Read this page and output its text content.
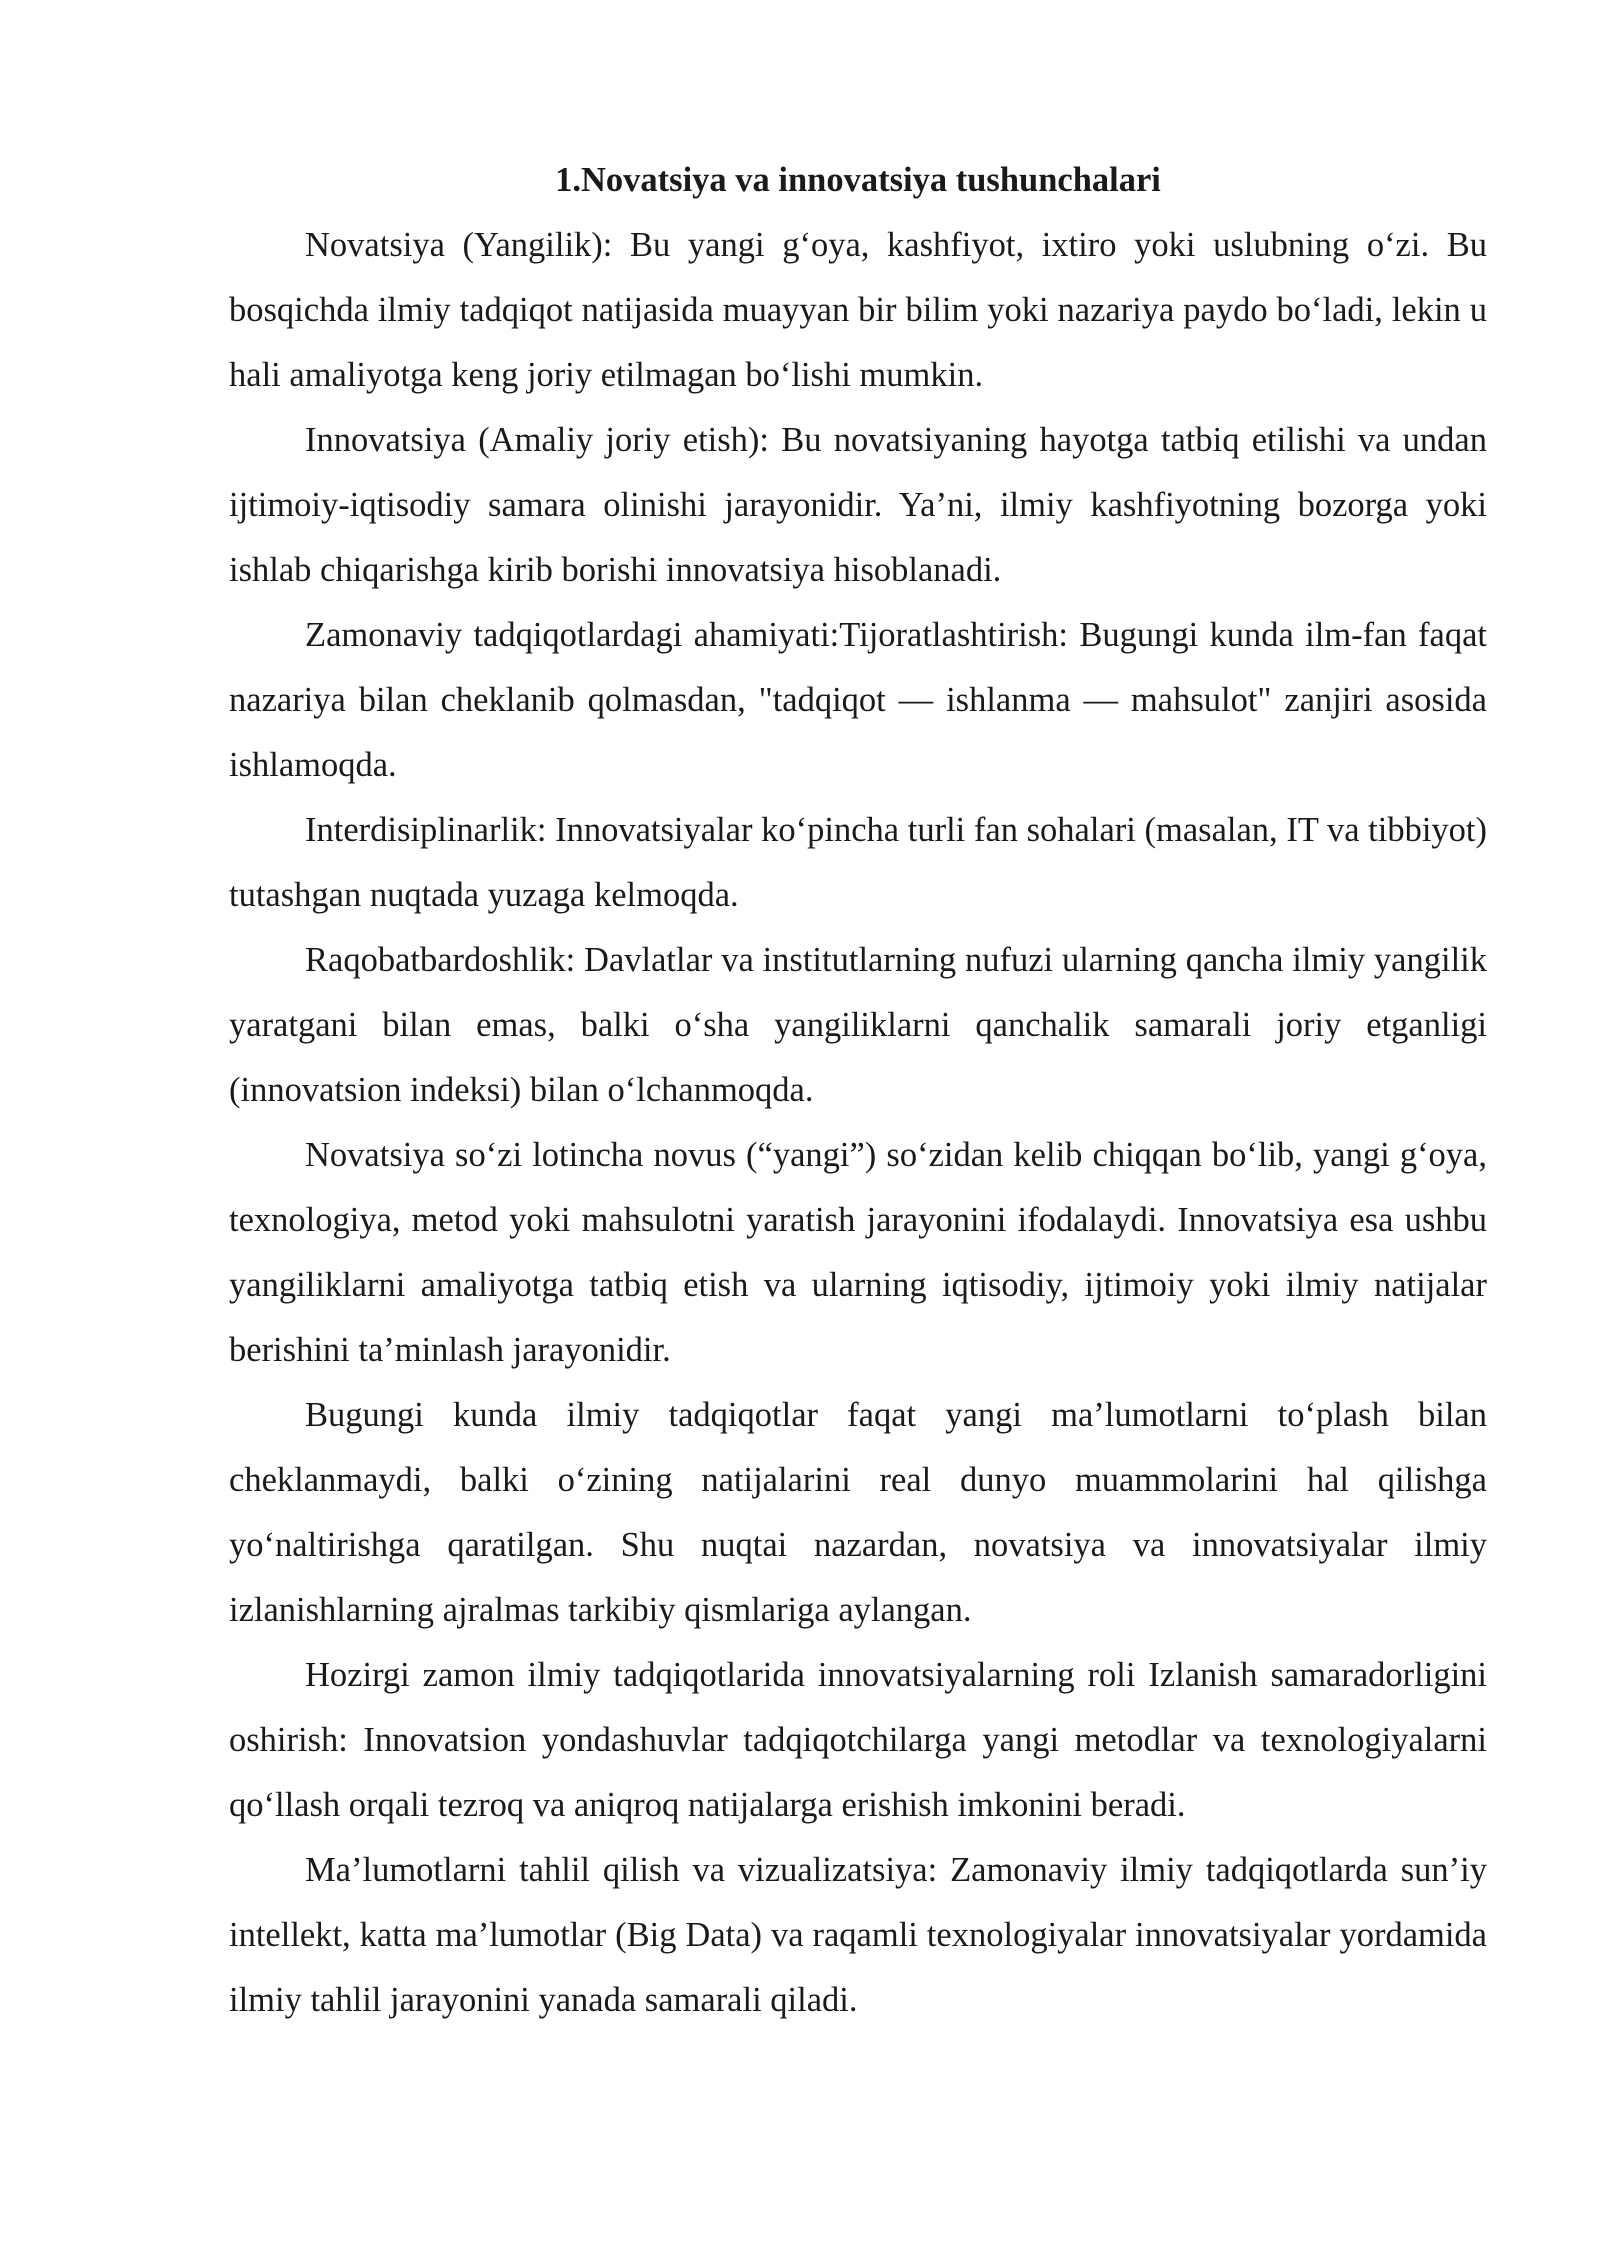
1.Novatsiya va innovatsiya tushunchalari

Novatsiya (Yangilik): Bu yangi g‘oya, kashfiyot, ixtiro yoki uslubning o‘zi. Bu bosqichda ilmiy tadqiqot natijasida muayyan bir bilim yoki nazariya paydo bo‘ladi, lekin u hali amaliyotga keng joriy etilmagan bo‘lishi mumkin.

Innovatsiya (Amaliy joriy etish): Bu novatsiyaning hayotga tatbiq etilishi va undan ijtimoiy-iqtisodiy samara olinishi jarayonidir. Ya’ni, ilmiy kashfiyotning bozorga yoki ishlab chiqarishga kirib borishi innovatsiya hisoblanadi.

Zamonaviy tadqiqotlardagi ahamiyati:Tijoratlashtirish: Bugungi kunda ilm-fan faqat nazariya bilan cheklanib qolmasdan, "tadqiqot — ishlanma — mahsulot" zanjiri asosida ishlamoqda.

Interdisiplinarlik: Innovatsiyalar ko‘pincha turli fan sohalari (masalan, IT va tibbiyot) tutashgan nuqtada yuzaga kelmoqda.

Raqobatbardoshlik: Davlatlar va institutlarning nufuzi ularning qancha ilmiy yangilik yaratgani bilan emas, balki o‘sha yangiliklarni qanchalik samarali joriy etganligi (innovatsion indeksi) bilan o‘lchanmoqda.

Novatsiya so‘zi lotincha novus (“yangi”) so‘zidan kelib chiqqan bo‘lib, yangi g‘oya, texnologiya, metod yoki mahsulotni yaratish jarayonini ifodalaydi. Innovatsiya esa ushbu yangiliklarni amaliyotga tatbiq etish va ularning iqtisodiy, ijtimoiy yoki ilmiy natijalar berishini ta’minlash jarayonidir.

Bugungi kunda ilmiy tadqiqotlar faqat yangi ma’lumotlarni to‘plash bilan cheklanmaydi, balki o‘zining natijalarini real dunyo muammolarini hal qilishga yo‘naltirishga qaratilgan. Shu nuqtai nazardan, novatsiya va innovatsiyalar ilmiy izlanishlarning ajralmas tarkibiy qismlariga aylangan.

Hozirgi zamon ilmiy tadqiqotlarida innovatsiyalarning roli Izlanish samaradorligini oshirish: Innovatsion yondashuvlar tadqiqotchilarga yangi metodlar va texnologiyalarni qo‘llash orqali tezroq va aniqroq natijalarga erishish imkonini beradi.

Ma’lumotlarni tahlil qilish va vizualizatsiya: Zamonaviy ilmiy tadqiqotlarda sun’iy intellekt, katta ma’lumotlar (Big Data) va raqamli texnologiyalar innovatsiyalar yordamida ilmiy tahlil jarayonini yanada samarali qiladi.
